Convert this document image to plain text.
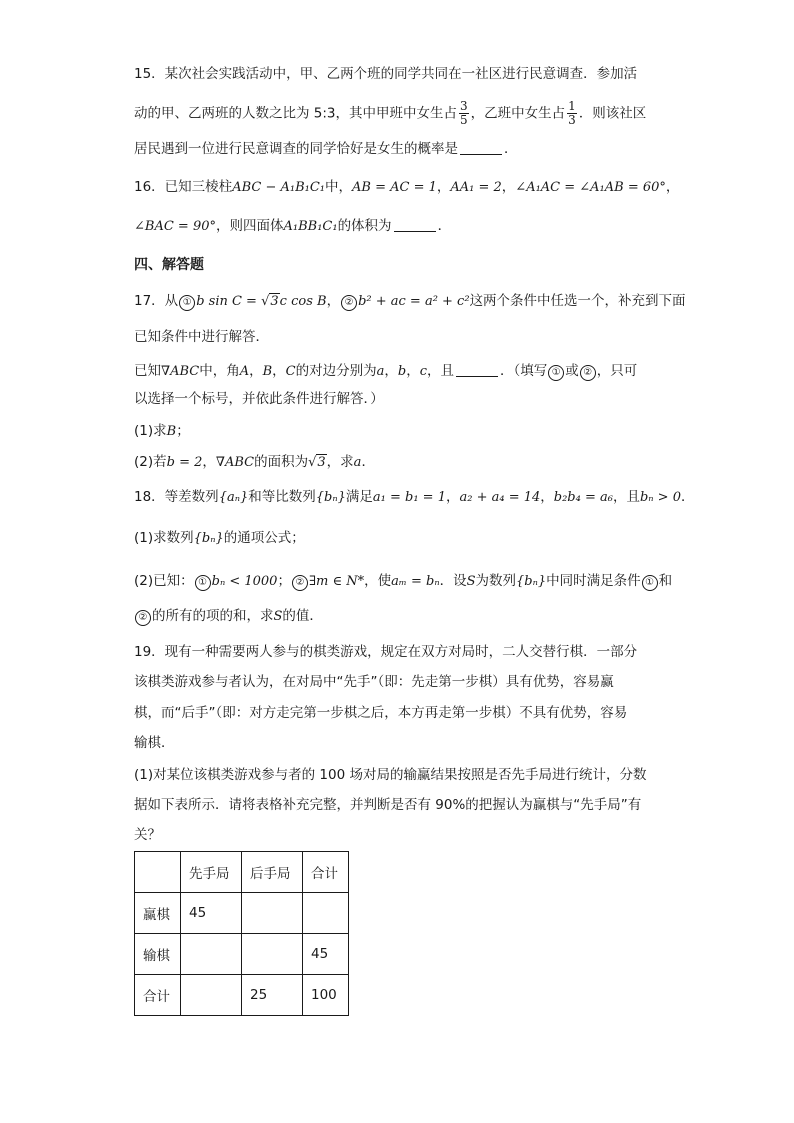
15．某次社会实践活动中，甲、乙两个班的同学共同在一社区进行民意调查．参加活
动的甲、乙两班的人数之比为 5:3，其中甲班中女生占 $\frac{3}{5}$ ，乙班中女生占 $\frac{1}{3}$ ．则该社区
居民遇到一位进行民意调查的同学恰好是女生的概率是	．
16．已知三棱柱ABC − A₁B₁C₁中，AB = AC = 1，AA₁ = 2，∠A₁AC = ∠A₁AB = 60°，
∠BAC = 90°，则四面体A₁BB₁C₁的体积为	．
四、解答题
17．从 ① b sin C = √3c cos B， ② b² + ac = a² + c²这两个条件中任选一个，补充到下面
已知条件中进行解答．
已知∇ABC中，角A，B，C的对边分别为a，b，c，且	．（填写 ① 或 ② ，只可
以选择一个标号，并依此条件进行解答．）
(1)求B；
(2)若b = 2，∇ABC的面积为√3，求a．
18．等差数列{aₙ}和等比数列{bₙ}满足a₁ = b₁ = 1，a₂ + a₄ = 14，b₂b₄ = a₆，且bₙ > 0．
(1)求数列{bₙ}的通项公式；
(2)已知： ① bₙ < 1000； ② ∃m ∈ N*，使aₘ = bₙ．设S为数列{bₙ}中同时满足条件 ① 和
② 的所有的项的和，求S的值．
19．现有一种需要两人参与的棋类游戏，规定在双方对局时，二人交替行棋．一部分
该棋类游戏参与者认为，在对局中“先手”（即：先走第一步棋）具有优势，容易赢
棋，而“后手”（即：对方走完第一步棋之后，本方再走第一步棋）不具有优势，容易
输棋．
(1)对某位该棋类游戏参与者的 100 场对局的输赢结果按照是否先手局进行统计，分数
据如下表所示．请将表格补充完整，并判断是否有 90%的把握认为赢棋与“先手局”有
关？
	先手局	后手局	合计
赢棋	45		
输棋			45
合计		25	100
